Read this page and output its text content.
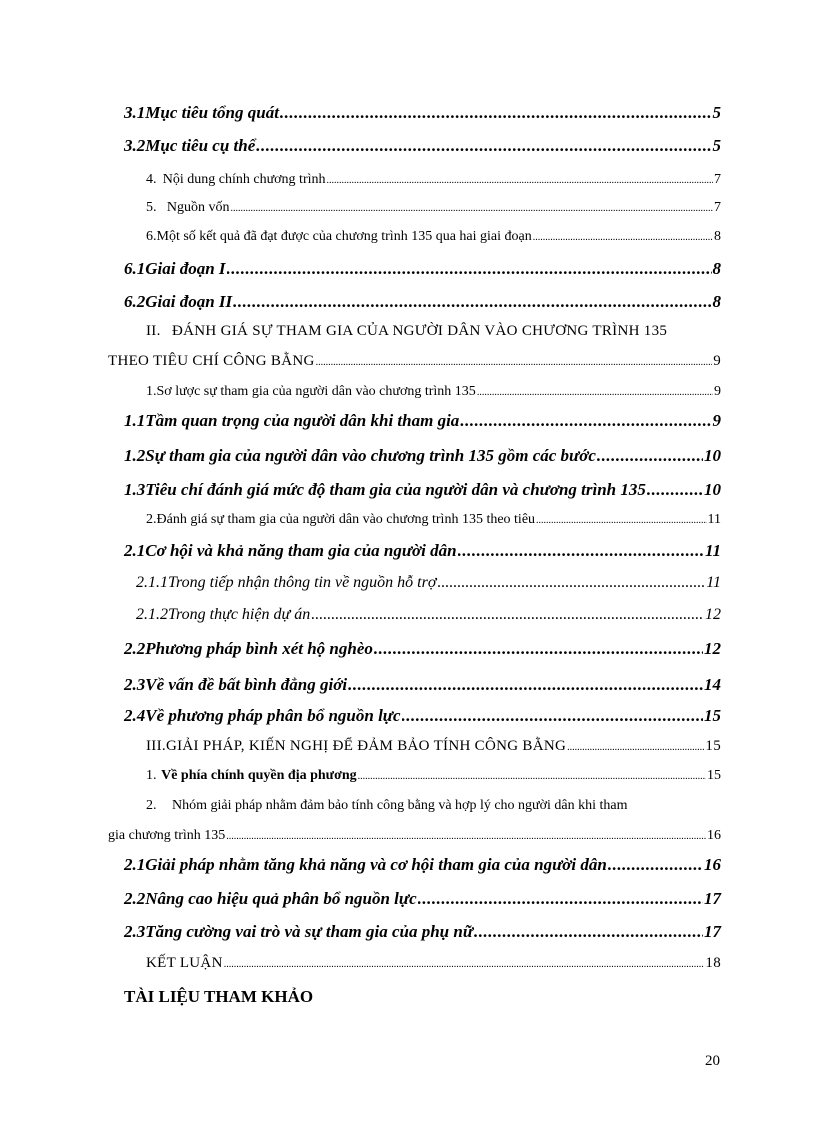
3.1 Mục tiêu tổng quát .....	5
3.2 Mục tiêu cụ thể .....	5
4. Nội dung chính chương trình .....	7
5. Nguồn vốn .....	7
6. Một số kết quả đã đạt được của chương trình 135 qua hai giai đoạn .....	8
6.1 Giai đoạn I .....	8
6.2 Giai đoạn II .....	8
II. ĐÁNH GIÁ SỰ THAM GIA CỦA NGƯỜI DÂN VÀO CHƯƠNG TRÌNH 135
THEO TIÊU CHÍ CÔNG BẰNG .....	9
1. Sơ lược sự tham gia của người dân vào chương trình 135 .....	9
1.1 Tầm quan trọng của người dân khi tham gia .....	9
1.2 Sự tham gia của người dân vào chương trình 135 gồm các bước .....	10
1.3 Tiêu chí đánh giá mức độ tham gia của người dân và chương trình 135 .....	10
2. Đánh giá sự tham gia của người dân vào chương trình 135 theo tiêu .....	11
2.1 Cơ hội và khả năng tham gia của người dân .....	11
2.1.1 Trong tiếp nhận thông tin về nguồn hỗ trợ .....	11
2.1.2 Trong thực hiện dự án .....	12
2.2 Phương pháp bình xét hộ nghèo .....	12
2.3 Về vấn đề bất bình đẳng giới .....	14
2.4 Về phương pháp phân bổ nguồn lực .....	15
III. GIẢI PHÁP, KIẾN NGHỊ ĐỂ ĐẢM BẢO TÍNH CÔNG BẰNG .....	15
1. Về phía chính quyền địa phương .....	15
2.	Nhóm giải pháp nhằm đảm bảo tính công bằng và hợp lý cho người dân khi tham
gia chương trình 135 .....	16
2.1 Giải pháp nhằm tăng khả năng và cơ hội tham gia của người dân .....	16
2.2 Nâng cao hiệu quả phân bổ nguồn lực .....	17
2.3 Tăng cường vai trò và sự tham gia của phụ nữ .....	17
KẾT LUẬN .....	18
TÀI LIỆU THAM KHẢO
20
